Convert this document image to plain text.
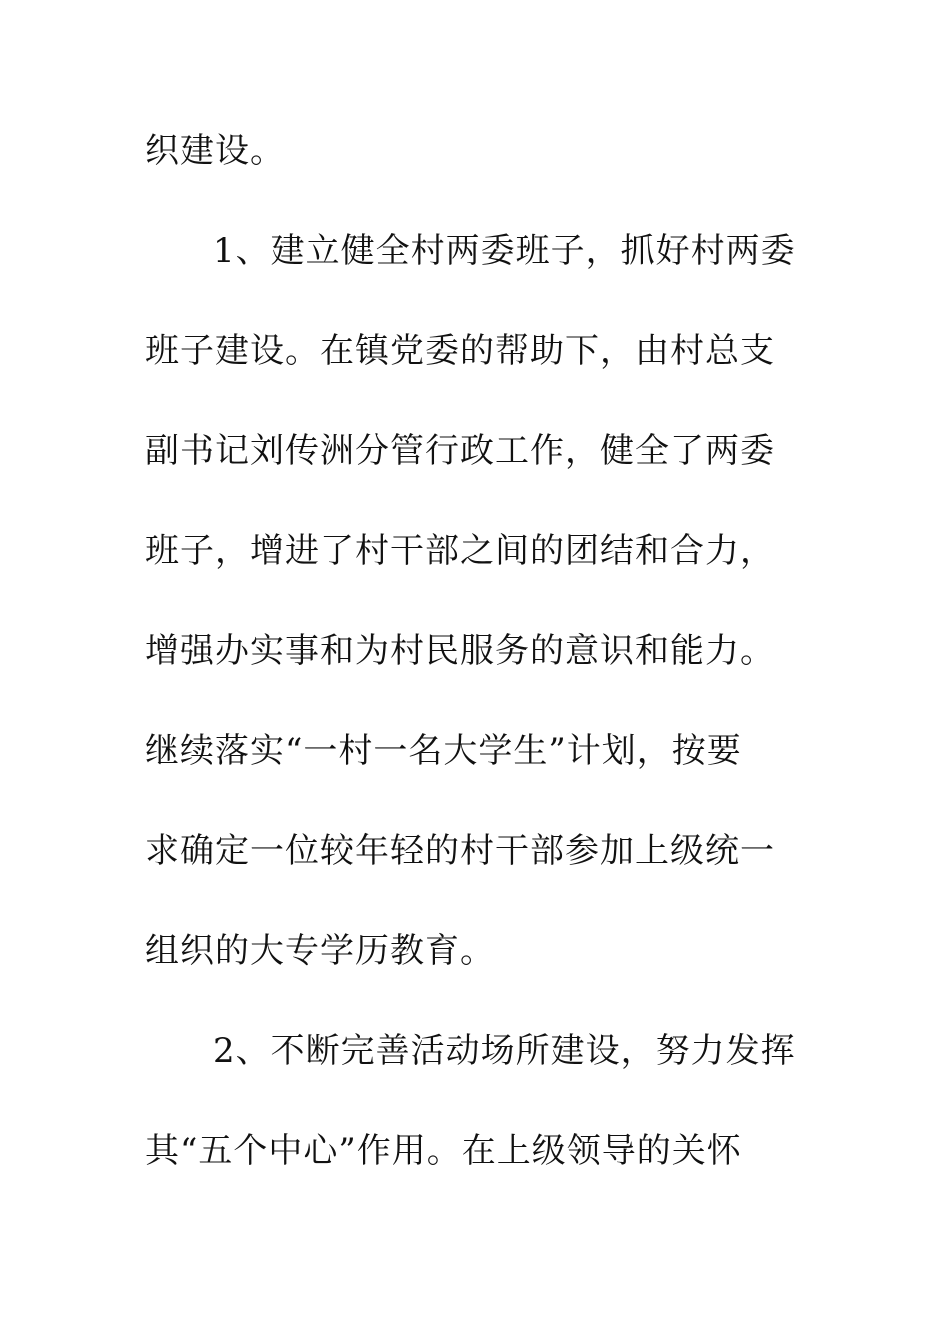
织建设。
1、建立健全村两委班子，抓好村两委
班子建设。在镇党委的帮助下，由村总支
副书记刘传洲分管行政工作，健全了两委
班子，增进了村干部之间的团结和合力，
增强办实事和为村民服务的意识和能力。
继续落实“一村一名大学生”计划，按要
求确定一位较年轻的村干部参加上级统一
组织的大专学历教育。
2、不断完善活动场所建设，努力发挥
其“五个中心”作用。在上级领导的关怀
